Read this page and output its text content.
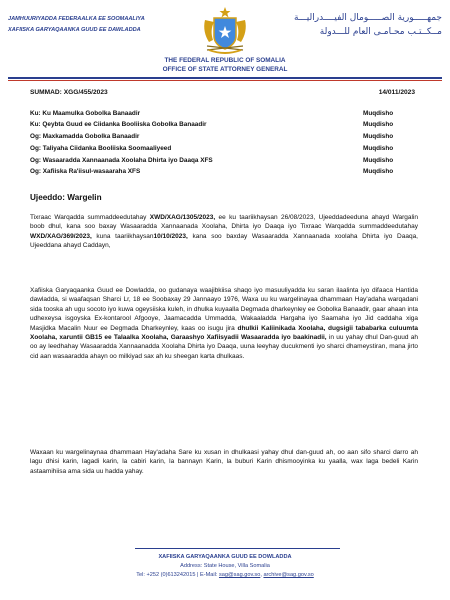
JAMHUURIYADDA FEDERAALKA EE SOOMAALIYA
XAFIISKA GARYAQAANKA GUUD EE DAWLADDA
جمهـــــورية الصـــــومال الفيــــدراليـــة
مــكــتـب محـامـى العام للـــدولة
THE FEDERAL REPUBLIC OF SOMALIA
OFFICE OF STATE ATTORNEY GENERAL
SUMMAD: XGG/455/2023	14/011/2023
Ku: Ku Maamulka Gobolka Banaadir	Muqdisho
Ku: Qeybta Guud ee Ciidanka Booliiska Gobolka Banaadir	Muqdisho
Og: Maxkamadda Gobolka Banaadir	Muqdisho
Og: Taliyaha Ciidanka Booliiska Soomaaliyeed	Muqdisho
Og: Wasaaradda Xannaanada Xoolaha Dhirta iyo Daaqa XFS	Muqdisho
Og: Xafiiska Ra'iisul-wasaaraha XFS	Muqdisho
Ujeeddo: Wargelin
Tixraac Warqadda summaddeedutahay XWD/XAG/1305/2023, ee ku taariikhaysan 26/08/2023, Ujeeddadeeduna ahayd Wargalin boob dhul, kana soo baxay Wasaaradda Xannaanada Xoolaha, Dhirta iyo Daaqa iyo Tixraac Warqadda summaddeedutahay WXD/XAG/369/2023, kuna taariikhaysan10/10/2023, kana soo baxday Wasaaradda Xannaanada xoolaha Dhirta iyo Daaqa, Ujeeddana ahayd Caddayn,
Xafiiska Garyaqaanka Guud ee Dowladda, oo gudanaya waajibkiisa shaqo iyo masuuliyadda ku saran ilaalinta iyo difaaca Hantida dawladda, si waafaqsan Sharci Lr, 18 ee Soobaxay 29 Jannaayo 1976, Waxa uu ku wargelinayaa dhammaan Hay'adaha warqadani sida tooska ah ugu socoto iyo kuwa ogeysiiska kuleh, in dhulka kuyaalla Degmada dharkeynley ee Gobolka Banaadir, gaar ahaan inta udhexeysa isgoyska Ex-kontarool Afgooye, Jaamacadda Ummadda, Wakaaladda Hargaha iyo Saamaha iyo Jid caddaha xiga Masjidka Macalin Nuur ee Degmada Dharkeynley, kaas oo isugu jira dhulkii Kaliinikada Xoolaha, dugsigii tababarka culuumta Xoolaha, xaruntii GB15 ee Talaalka Xoolaha, Garaashyo Xafiisyadii Wasaaradda iyo baakinadii, in uu yahay dhul Dan-guud ah oo ay leedhahay Wasaaradda Xannaanadda Xoolaha Dhirta iyo Daaqa, uuna leeyhay ducukmenti iyo sharci dhameystiran, mana jirto cid aan wasaaradda ahayn oo milkiyad sax ah ku sheegan karta dhulkaas.
Waxaan ku wargelinaynaa dhammaan Hay'adaha Sare ku xusan in dhulkaasi yahay dhul dan-guud ah, oo aan sifo sharci darro ah lagu dhisi karin, lagadi karin, la cabiri karin, la bannayn Karin, la buburi Karin dhismooyinka ku yaalla, wax laga bedeli Karin astaamihiisa ama sida uu hadda yahay.
XAFIISKA GARYAQAANKA GUUD EE DOWLADDA
Address: State House, Villa Somalia
Tel: +252 (0)613242015 | E-Mail: sag@sag.gov.so, archive@sag.gov.so
